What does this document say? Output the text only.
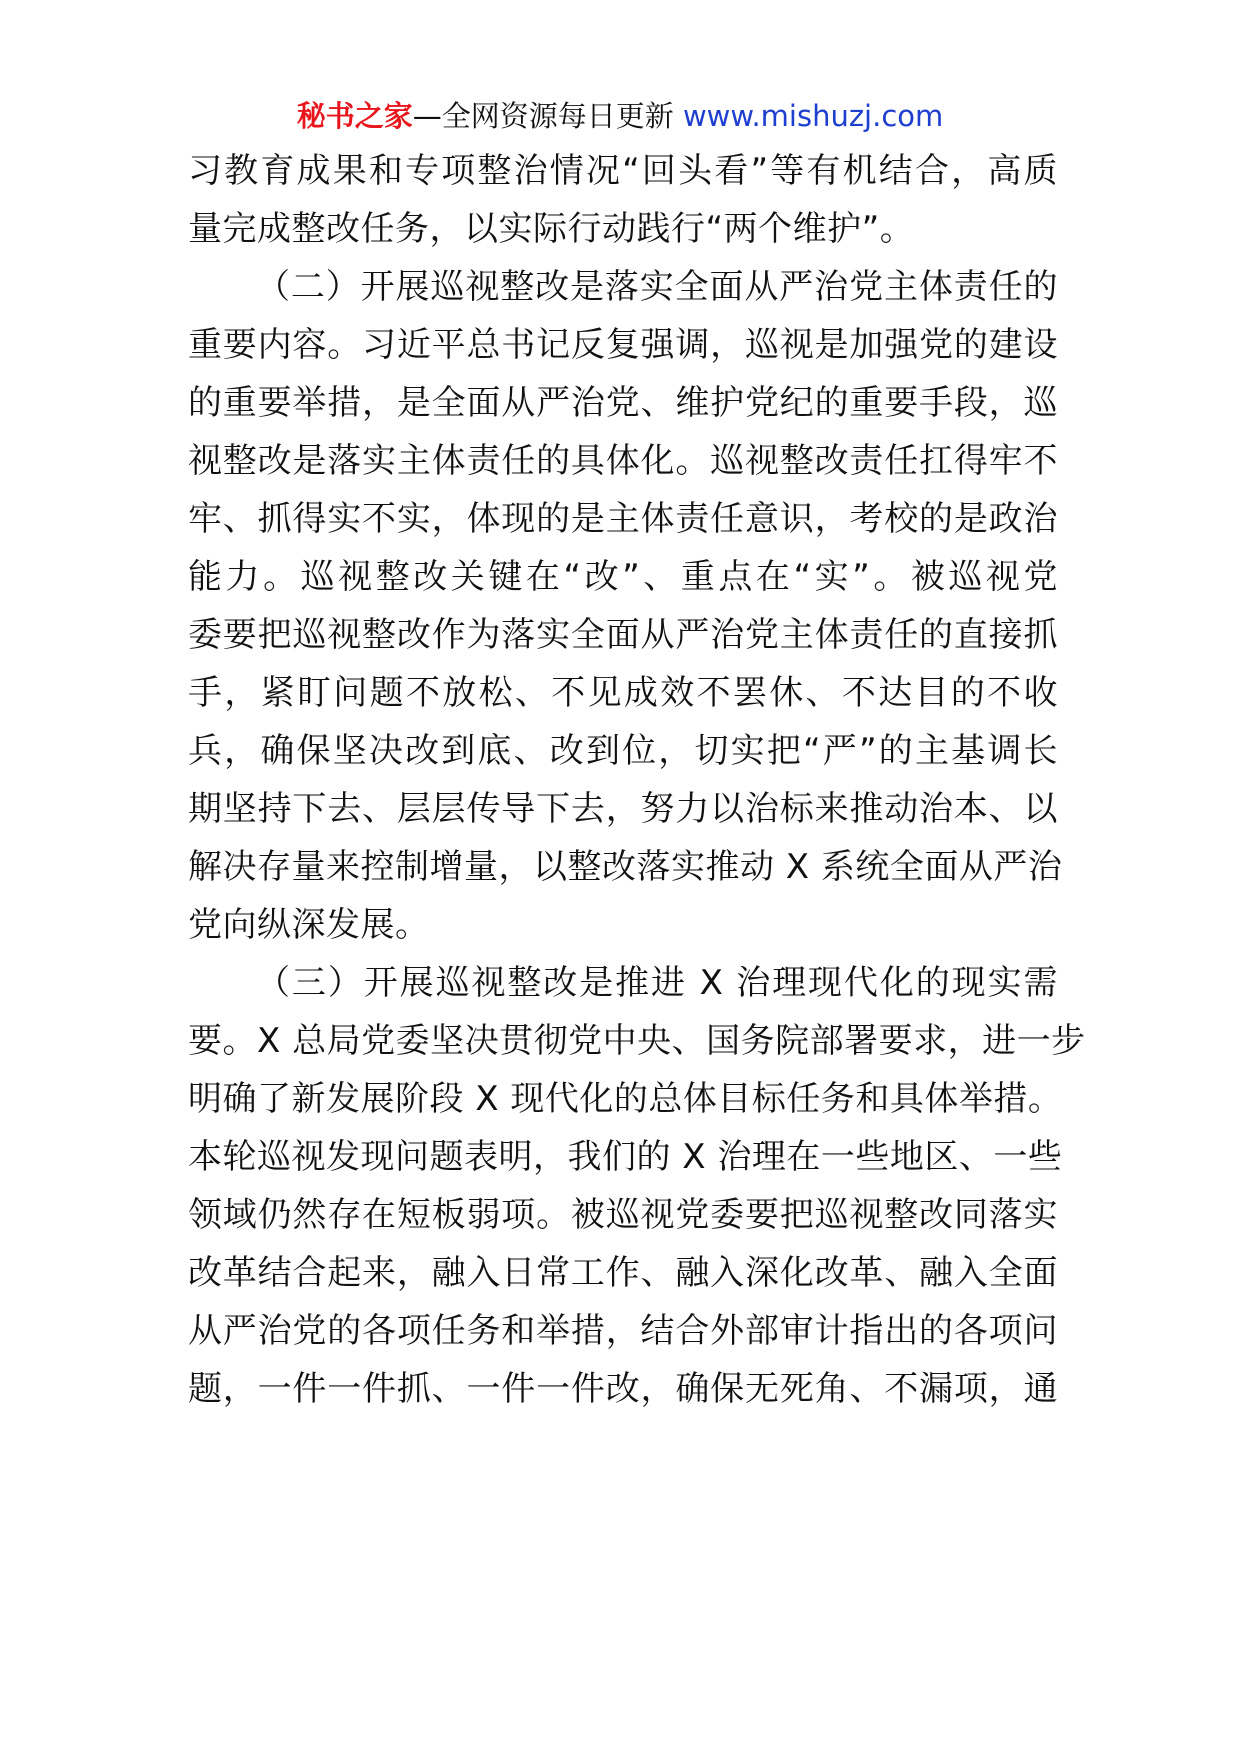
秘书之家—全网资源每日更新 www.mishuzj.com
习教育成果和专项整治情况“回头看”等有机结合，高质
量完成整改任务，以实际行动践行“两个维护”。
（二）开展巡视整改是落实全面从严治党主体责任的
重要内容。习近平总书记反复强调，巡视是加强党的建设
的重要举措，是全面从严治党、维护党纪的重要手段，巡
视整改是落实主体责任的具体化。巡视整改责任扛得牢不
牢、抓得实不实，体现的是主体责任意识，考校的是政治
能力。巡视整改关键在“改”、重点在“实”。被巡视党
委要把巡视整改作为落实全面从严治党主体责任的直接抓
手，紧盯问题不放松、不见成效不罢休、不达目的不收
兵，确保坚决改到底、改到位，切实把“严”的主基调长
期坚持下去、层层传导下去，努力以治标来推动治本、以
解决存量来控制增量，以整改落实推动 X 系统全面从严治
党向纵深发展。
（三）开展巡视整改是推进 X 治理现代化的现实需
要。X 总局党委坚决贯彻党中央、国务院部署要求，进一步
明确了新发展阶段 X 现代化的总体目标任务和具体举措。
本轮巡视发现问题表明，我们的 X 治理在一些地区、一些
领域仍然存在短板弱项。被巡视党委要把巡视整改同落实
改革结合起来，融入日常工作、融入深化改革、融入全面
从严治党的各项任务和举措，结合外部审计指出的各项问
题，一件一件抓、一件一件改，确保无死角、不漏项，通
